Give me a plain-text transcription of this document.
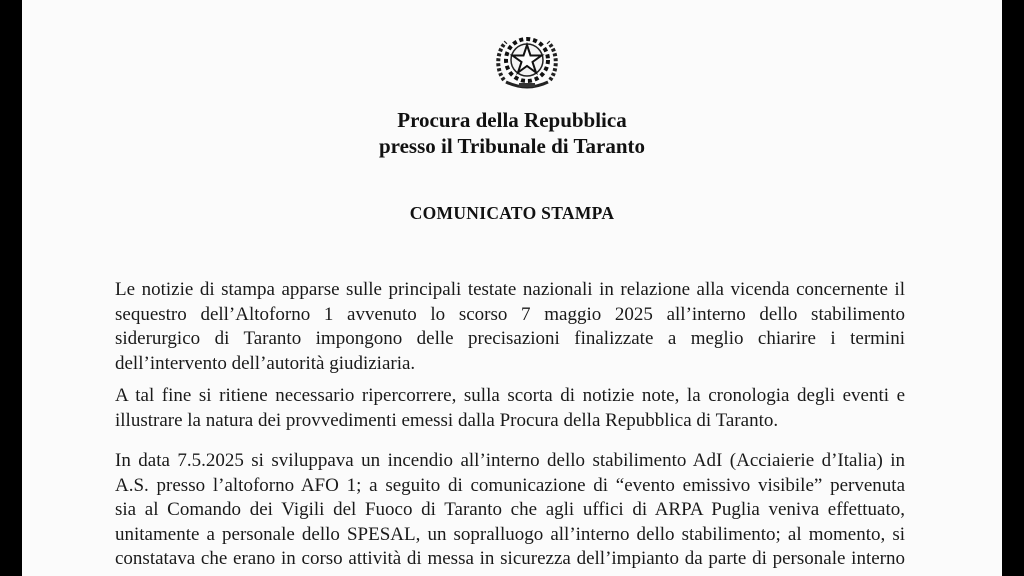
Procura della Repubblica
presso il Tribunale di Taranto
COMUNICATO STAMPA
Le notizie di stampa apparse sulle principali testate nazionali in relazione alla vicenda concernente il
sequestro dell’Altoforno 1 avvenuto lo scorso 7 maggio 2025 all’interno dello stabilimento
siderurgico di Taranto impongono delle precisazioni finalizzate a meglio chiarire i termini
dell’intervento dell’autorità giudiziaria.
A tal fine si ritiene necessario ripercorrere, sulla scorta di notizie note, la cronologia degli eventi e
illustrare la natura dei provvedimenti emessi dalla Procura della Repubblica di Taranto.
In data 7.5.2025 si sviluppava un incendio all’interno dello stabilimento AdI (Acciaierie d’Italia) in
A.S. presso l’altoforno AFO 1; a seguito di comunicazione di “evento emissivo visibile” pervenuta
sia al Comando dei Vigili del Fuoco di Taranto che agli uffici di ARPA Puglia veniva effettuato,
unitamente a personale dello SPESAL, un sopralluogo all’interno dello stabilimento; al momento, si
constatava che erano in corso attività di messa in sicurezza dell’impianto da parte di personale interno
